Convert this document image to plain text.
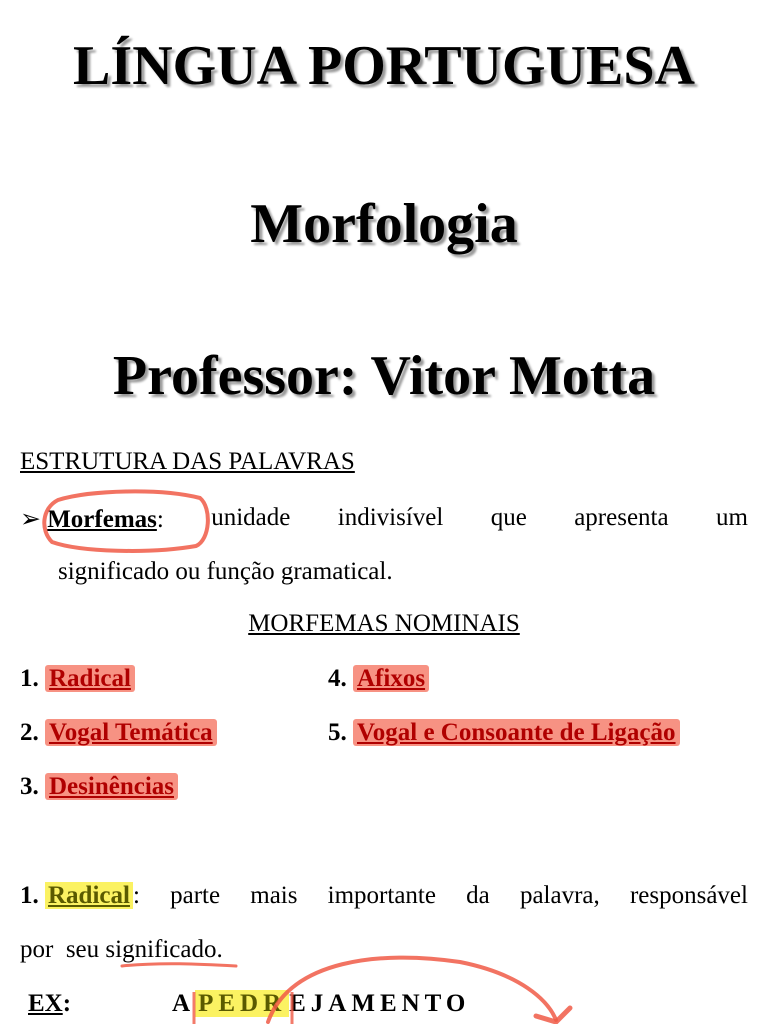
LÍNGUA PORTUGUESA
Morfologia
Professor: Vitor Motta
ESTRUTURA DAS PALAVRAS
➢ Morfemas: unidade indivisível que apresenta um
significado ou função gramatical.
MORFEMAS NOMINAIS
1. Radical
2. Vogal Temática
3. Desinências
4. Afixos
5. Vogal e Consoante de Ligação
1. Radical : parte mais importante da palavra, responsável
por  seu significado.
EX:	A PEDR EJAMENTO
